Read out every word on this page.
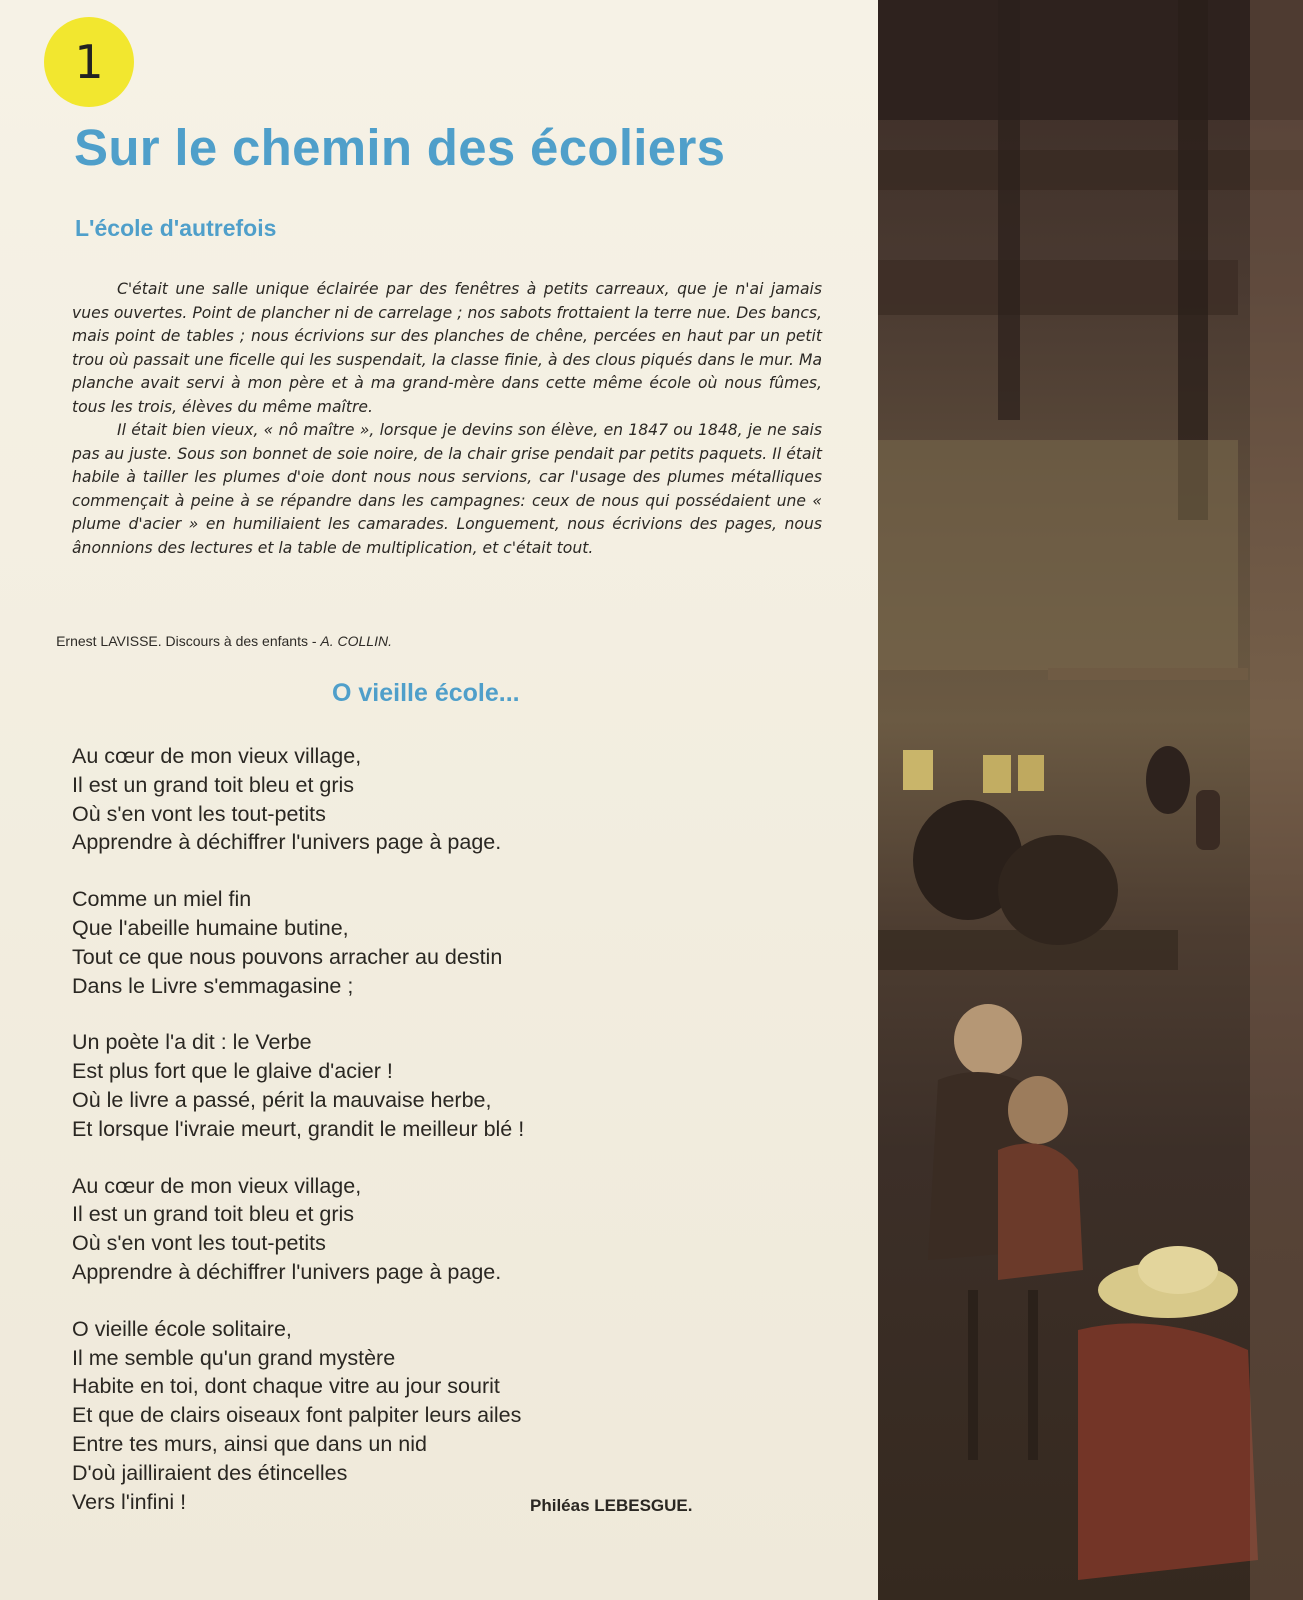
1
Sur le chemin des écoliers
L'école d'autrefois

C'était une salle unique éclairée par des fenêtres à petits carreaux, que je n'ai jamais vues ouvertes. Point de plancher ni de carrelage ; nos sabots frottaient la terre nue. Des bancs, mais point de tables ; nous écrivions sur des planches de chêne, percées en haut par un petit trou où passait une ficelle qui les suspendait, la classe finie, à des clous piqués dans le mur. Ma planche avait servi à mon père et à ma grand-mère dans cette même école où nous fûmes, tous les trois, élèves du même maître.

Il était bien vieux, « nô maître », lorsque je devins son élève, en 1847 ou 1848, je ne sais pas au juste. Sous son bonnet de soie noire, de la chair grise pendait par petits paquets. Il était habile à tailler les plumes d'oie dont nous nous servions, car l'usage des plumes métalliques commençait à peine à se répandre dans les campagnes: ceux de nous qui possédaient une « plume d'acier » en humiliaient les camarades. Longuement, nous écrivions des pages, nous ânonnions des lectures et la table de multiplication, et c'était tout.

Ernest LAVISSE. Discours à des enfants - A. COLLIN.
O vieille école...
Au cœur de mon vieux village,
Il est un grand toit bleu et gris
Où s'en vont les tout-petits
Apprendre à déchiffrer l'univers page à page.
Comme un miel fin
Que l'abeille humaine butine,
Tout ce que nous pouvons arracher au destin
Dans le Livre s'emmagasine ;
Un poète l'a dit : le Verbe
Est plus fort que le glaive d'acier !
Où le livre a passé, périt la mauvaise herbe,
Et lorsque l'ivraie meurt, grandit le meilleur blé !
Au cœur de mon vieux village,
Il est un grand toit bleu et gris
Où s'en vont les tout-petits
Apprendre à déchiffrer l'univers page à page.
O vieille école solitaire,
Il me semble qu'un grand mystère
Habite en toi, dont chaque vitre au jour sourit
Et que de clairs oiseaux font palpiter leurs ailes
Entre tes murs, ainsi que dans un nid
D'où jailliraient des étincelles
Vers l'infini !	Philéas LEBESGUE.
